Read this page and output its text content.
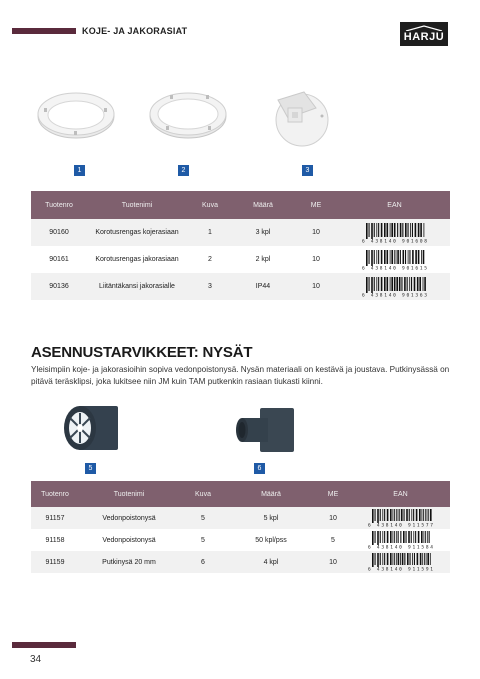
KOJE- JA JAKORASIAT	HARJU
1	2	3
Tuotenro	Tuotenimi	Kuva	Määrä	ME	EAN
90160	Korotusrengas kojerasiaan	1	3 kpl	10	6 438140 901608

90161	Korotusrengas jakorasiaan	2	2 kpl	10	6 438140 901615

90136	Liitäntäkansi jakorasialle	3	IP44	10	6 438140 901363
ASENNUSTARVIKKEET: NYSÄT
Yleisimpiin koje- ja jakorasioihin sopiva vedonpoistonysä. Nysän materiaali on kestävä ja joustava. Putkinysässä on pitävä teräsklipsi, joka lukitsee niin JM kuin TAM putkenkin rasiaan tiukasti kiinni.
5	6
Tuotenro	Tuotenimi	Kuva	Määrä	ME	EAN
91157	Vedonpoistonysä	5	5 kpl	10	6 438140 911577

91158	Vedonpoistonysä	5	50 kpl/pss	5	6 438140 911584

91159	Putkinysä 20 mm	6	4 kpl	10	6 438140 911591
34
